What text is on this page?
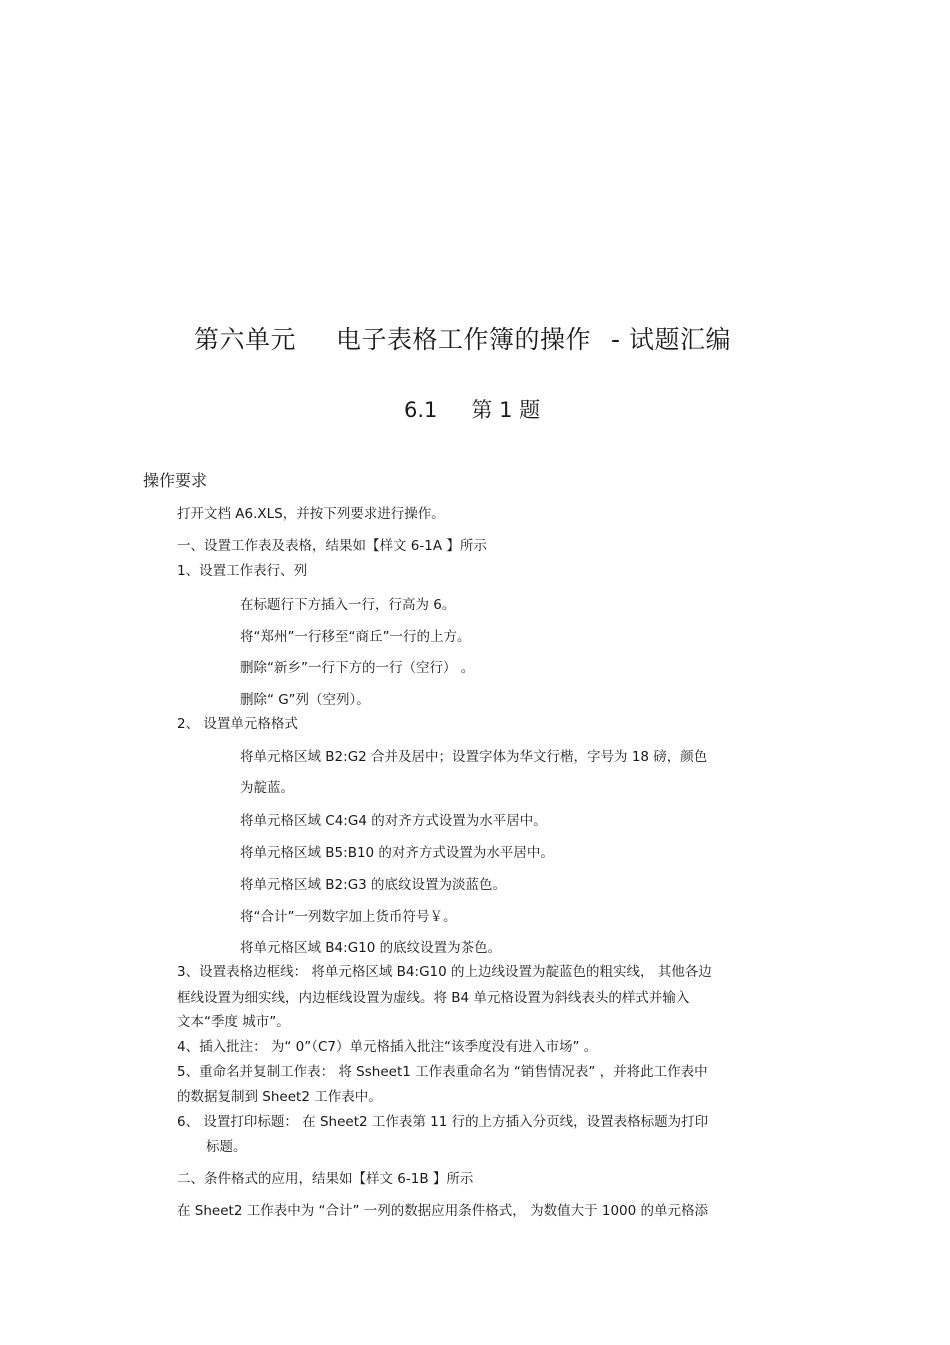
第六单元 电子表格工作簿的操作 - 试题汇编
6.1 第 1 题
操作要求
打开文档 A6.XLS，并按下列要求进行操作。
一、设置工作表及表格，结果如【样文 6-1A 】所示
1、设置工作表行、列
在标题行下方插入一行，行高为 6。
将“郑州”一行移至“商丘”一行的上方。
删除“新乡”一行下方的一行（空行） 。
删除“ G”列（空列）。
2、 设置单元格格式
将单元格区域 B2:G2 合并及居中；设置字体为华文行楷，字号为 18 磅，颜色
为靛蓝。
将单元格区域 C4:G4 的对齐方式设置为水平居中。
将单元格区域 B5:B10 的对齐方式设置为水平居中。
将单元格区域 B2:G3 的底纹设置为淡蓝色。
将“合计”一列数字加上货币符号￥。
将单元格区域 B4:G10 的底纹设置为茶色。
3、设置表格边框线： 将单元格区域 B4:G10 的上边线设置为靛蓝色的粗实线， 其他各边
框线设置为细实线，内边框线设置为虚线。将 B4 单元格设置为斜线表头的样式并输入
文本“季度 城市”。
4、插入批注： 为“ 0”（C7）单元格插入批注“该季度没有进入市场” 。
5、重命名并复制工作表： 将 Ssheet1 工作表重命名为 “销售情况表” ，并将此工作表中
的数据复制到 Sheet2 工作表中。
6、 设置打印标题： 在 Sheet2 工作表第 11 行的上方插入分页线，设置表格标题为打印
标题。
二、条件格式的应用，结果如【样文 6-1B 】所示
在 Sheet2 工作表中为 “合计” 一列的数据应用条件格式， 为数值大于 1000 的单元格添
